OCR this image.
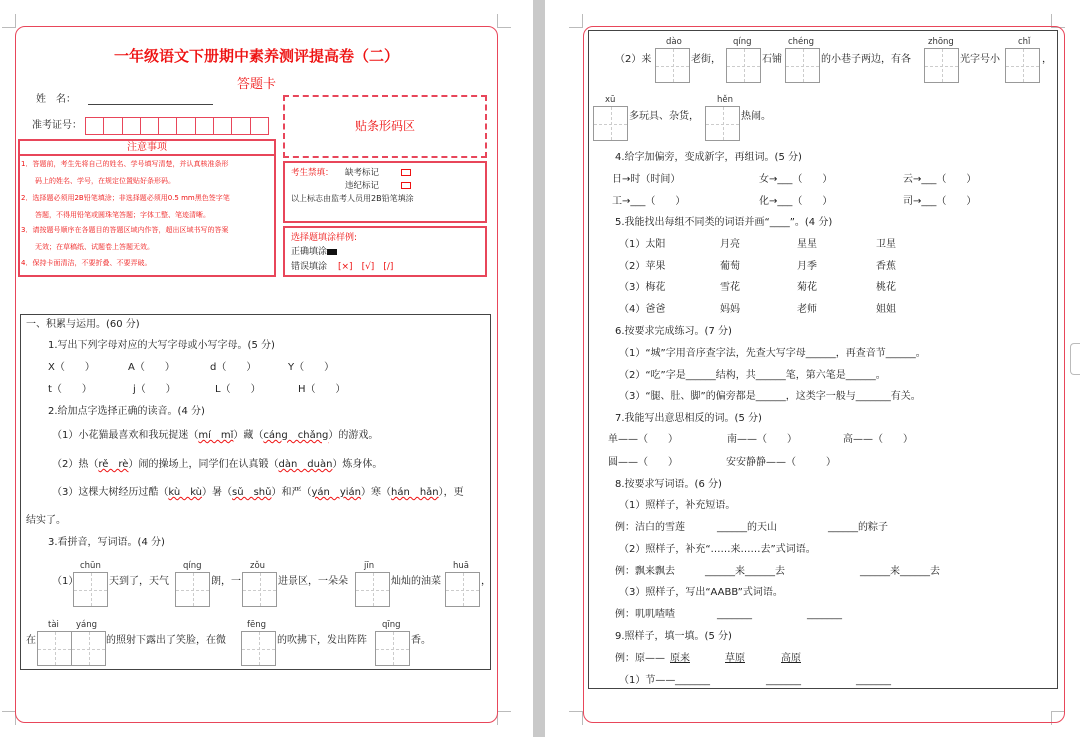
一年级语文下册期中素养测评提高卷（二）
答题卡
姓　名：
准考证号：	贴条形码区
注意事项
1．答题前，考生先将自己的姓名、学号填写清楚，并认真核准条形
码上的姓名、学号，在规定位置贴好条形码。
2．选择题必须用2B铅笔填涂；非选择题必须用0.5 mm黑色签字笔
答题，不得用铅笔或圆珠笔答题；字体工整、笔迹清晰。
3．请按题号顺序在各题目的答题区域内作答，超出区域书写的答案
无效；在草稿纸、试题卷上答题无效。
4．保持卡面清洁，不要折叠、不要弄破。
考生禁填： 缺考标记
违纪标记
以上标志由监考人员用2B铅笔填涂
选择题填涂样例:
正确填涂
错误填涂 [×]　[√]　[/]
一、积累与运用。(60 分)
1.写出下列字母对应的大写字母或小写字母。(5 分)
X（　　）	A（　　）	d（　　）	Y（　　）
t（　　）	j（　　）	L（　　）	H（　　）
2.给加点字选择正确的读音。(4 分)
（1）小花猫最喜欢和我玩捉迷（mí　mǐ）藏（cáng　chǎng）的游戏。
（2）热（rě　rè）闹的操场上，同学们在认真锻（dàn　duàn）炼身体。
（3）这棵大树经历过酷（kù　kù）暑（sǔ　shǔ）和严（yán　yián）寒（hán　hǎn），更
结实了。
3.看拼音，写词语。(4 分)
chūn	qíng	zǒu	jīn	huā
（1）	天到了，天气	朗，一	进景区，一朵朵	灿灿的油菜	，
tài yáng	fēng	qīng
在	的照射下露出了笑脸，在微	的吹拂下，发出阵阵	香。
dào	qíng	chéng	zhōng	chǐ
（2）来	老街，	石铺	的小巷子两边，有各	光字号小	，
xū	hěn
多玩具、杂货，	热闹。
4.给字加偏旁，变成新字，再组词。(5 分)
日→时（时间）	女→___（　　）	云→___（　　）
工→___（　　）	化→___（　　）	司→___（　　）
5.我能找出每组不同类的词语并画“____”。(4 分)
（1）太阳	月亮	星星	卫星
（2）苹果	葡萄	月季	香蕉
（3）梅花	雪花	菊花	桃花
（4）爸爸	妈妈	老师	姐姐
6.按要求完成练习。(7 分)
（1）“城”字用音序查字法，先查大写字母______，再查音节______。
（2）“吃”字是______结构，共______笔，第六笔是______。
（3）“腿、肚、脚”的偏旁都是______，这类字一般与_______有关。
7.我能写出意思相反的词。(5 分)
单——（　　）	南——（　　）	高——（　　）
圆——（　　）	安安静静——（　　　）
8.按要求写词语。(6 分)
（1）照样子，补充短语。
例：洁白的雪莲	______的天山	______的粽子
（2）照样子，补充“……来……去”式词语。
例：飘来飘去	______来______去	______来______去
（3）照样子，写出“AABB”式词语。
例：叽叽喳喳	_______	_______
9.照样子，填一填。(5 分)
例：原—— 原来	草原	高原
（1）节—— _______	_______	_______
